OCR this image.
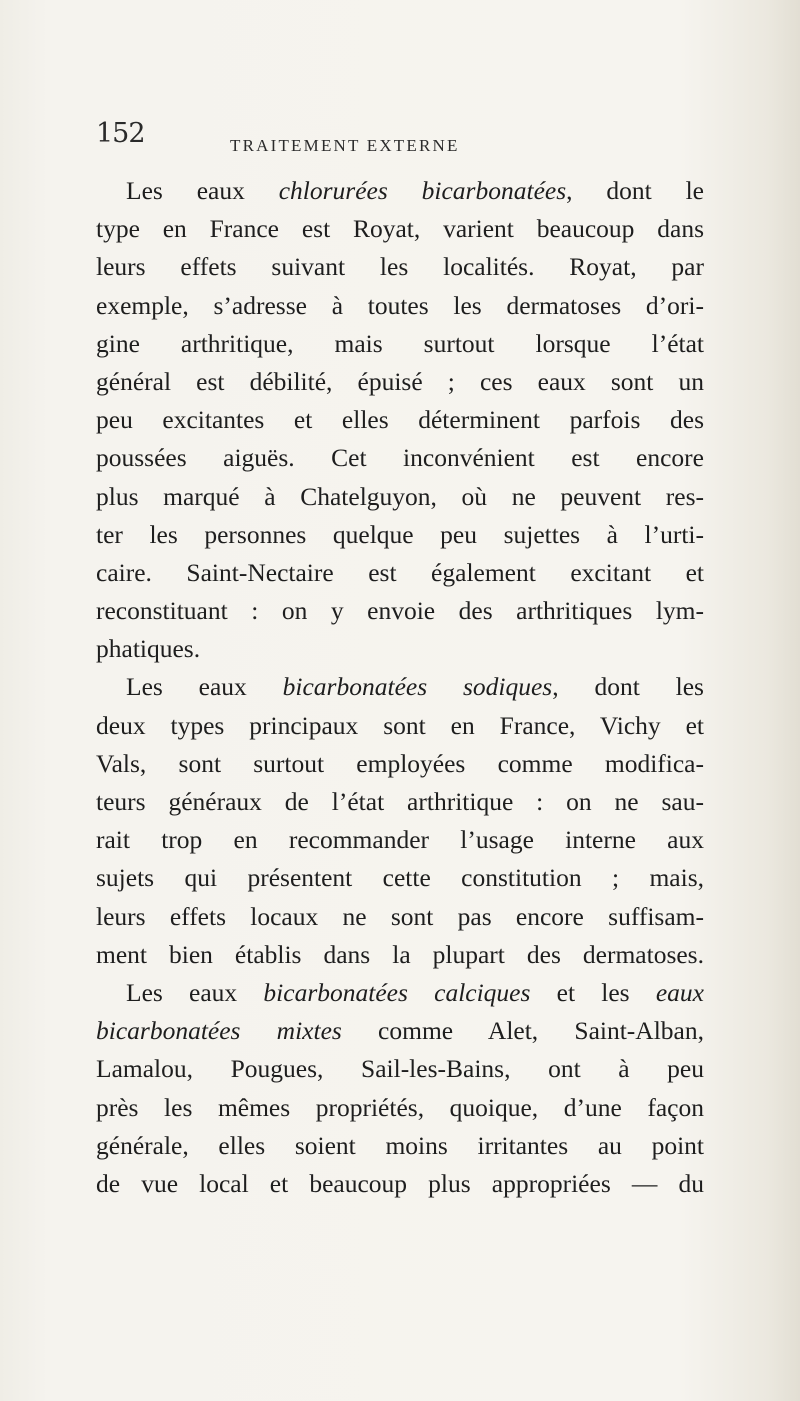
152	TRAITEMENT EXTERNE
Les eaux chlorurées bicarbonatées, dont le
type en France est Royat, varient beaucoup dans
leurs effets suivant les localités. Royat, par
exemple, s’adresse à toutes les dermatoses d’ori-
gine arthritique, mais surtout lorsque l’état
général est débilité, épuisé ; ces eaux sont un
peu excitantes et elles déterminent parfois des
poussées aiguës. Cet inconvénient est encore
plus marqué à Chatelguyon, où ne peuvent res-
ter les personnes quelque peu sujettes à l’urti-
caire. Saint-Nectaire est également excitant et
reconstituant : on y envoie des arthritiques lym-
phatiques.
Les eaux bicarbonatées sodiques, dont les
deux types principaux sont en France, Vichy et
Vals, sont surtout employées comme modifica-
teurs généraux de l’état arthritique : on ne sau-
rait trop en recommander l’usage interne aux
sujets qui présentent cette constitution ; mais,
leurs effets locaux ne sont pas encore suffisam-
ment bien établis dans la plupart des dermatoses.
Les eaux bicarbonatées calciques et les eaux
bicarbonatées mixtes comme Alet, Saint-Alban,
Lamalou, Pougues, Sail-les-Bains, ont à peu
près les mêmes propriétés, quoique, d’une façon
générale, elles soient moins irritantes au point
de vue local et beaucoup plus appropriées — du
